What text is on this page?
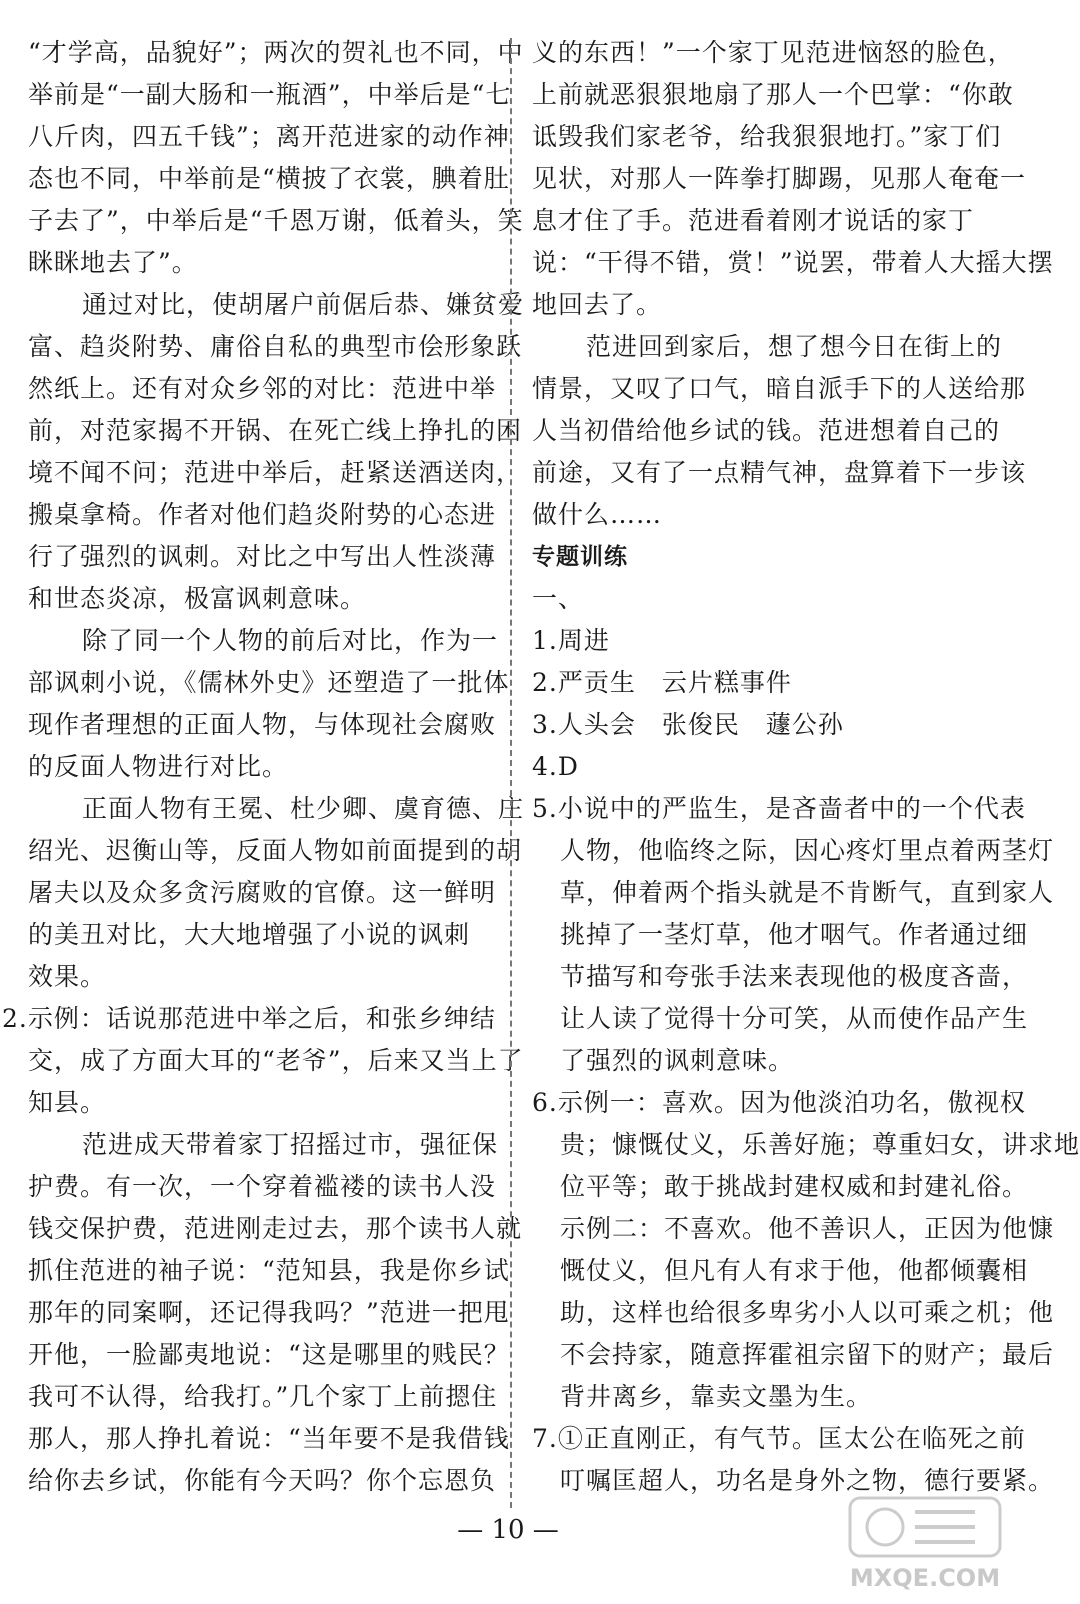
“才学高，品貌好”；两次的贺礼也不同，中
举前是“一副大肠和一瓶酒”，中举后是“七
八斤肉，四五千钱”；离开范进家的动作神
态也不同，中举前是“横披了衣裳，腆着肚
子去了”，中举后是“千恩万谢，低着头，笑
眯眯地去了”。
通过对比，使胡屠户前倨后恭、嫌贫爱
富、趋炎附势、庸俗自私的典型市侩形象跃
然纸上。还有对众乡邻的对比：范进中举
前，对范家揭不开锅、在死亡线上挣扎的困
境不闻不问；范进中举后，赶紧送酒送肉，
搬桌拿椅。作者对他们趋炎附势的心态进
行了强烈的讽刺。对比之中写出人性淡薄
和世态炎凉，极富讽刺意味。
除了同一个人物的前后对比，作为一
部讽刺小说，《儒林外史》还塑造了一批体
现作者理想的正面人物，与体现社会腐败
的反面人物进行对比。
正面人物有王冕、杜少卿、虞育德、庄
绍光、迟衡山等，反面人物如前面提到的胡
屠夫以及众多贪污腐败的官僚。这一鲜明
的美丑对比，大大地增强了小说的讽刺
效果。
2.示例：话说那范进中举之后，和张乡绅结
交，成了方面大耳的“老爷”，后来又当上了
知县。
范进成天带着家丁招摇过市，强征保
护费。有一次，一个穿着褴褛的读书人没
钱交保护费，范进刚走过去，那个读书人就
抓住范进的袖子说：“范知县，我是你乡试
那年的同案啊，还记得我吗？”范进一把甩
开他，一脸鄙夷地说：“这是哪里的贱民？
我可不认得，给我打。”几个家丁上前摁住
那人，那人挣扎着说：“当年要不是我借钱
给你去乡试，你能有今天吗？你个忘恩负
义的东西！”一个家丁见范进恼怒的脸色，
上前就恶狠狠地扇了那人一个巴掌：“你敢
诋毁我们家老爷，给我狠狠地打。”家丁们
见状，对那人一阵拳打脚踢，见那人奄奄一
息才住了手。范进看着刚才说话的家丁
说：“干得不错，赏！”说罢，带着人大摇大摆
地回去了。
范进回到家后，想了想今日在街上的
情景，又叹了口气，暗自派手下的人送给那
人当初借给他乡试的钱。范进想着自己的
前途，又有了一点精气神，盘算着下一步该
做什么……
专题训练
一、
1.周进
2.严贡生　云片糕事件
3.人头会　张俊民　蘧公孙
4.D
5.小说中的严监生，是吝啬者中的一个代表
人物，他临终之际，因心疼灯里点着两茎灯
草，伸着两个指头就是不肯断气，直到家人
挑掉了一茎灯草，他才咽气。作者通过细
节描写和夸张手法来表现他的极度吝啬，
让人读了觉得十分可笑，从而使作品产生
了强烈的讽刺意味。
6.示例一：喜欢。因为他淡泊功名，傲视权
贵；慷慨仗义，乐善好施；尊重妇女，讲求地
位平等；敢于挑战封建权威和封建礼俗。
示例二：不喜欢。他不善识人，正因为他慷
慨仗义，但凡有人有求于他，他都倾囊相
助，这样也给很多卑劣小人以可乘之机；他
不会持家，随意挥霍祖宗留下的财产；最后
背井离乡，靠卖文墨为生。
7.①正直刚正，有气节。匡太公在临死之前
叮嘱匡超人，功名是身外之物，德行要紧。
— 10 —
MXQE.COM
